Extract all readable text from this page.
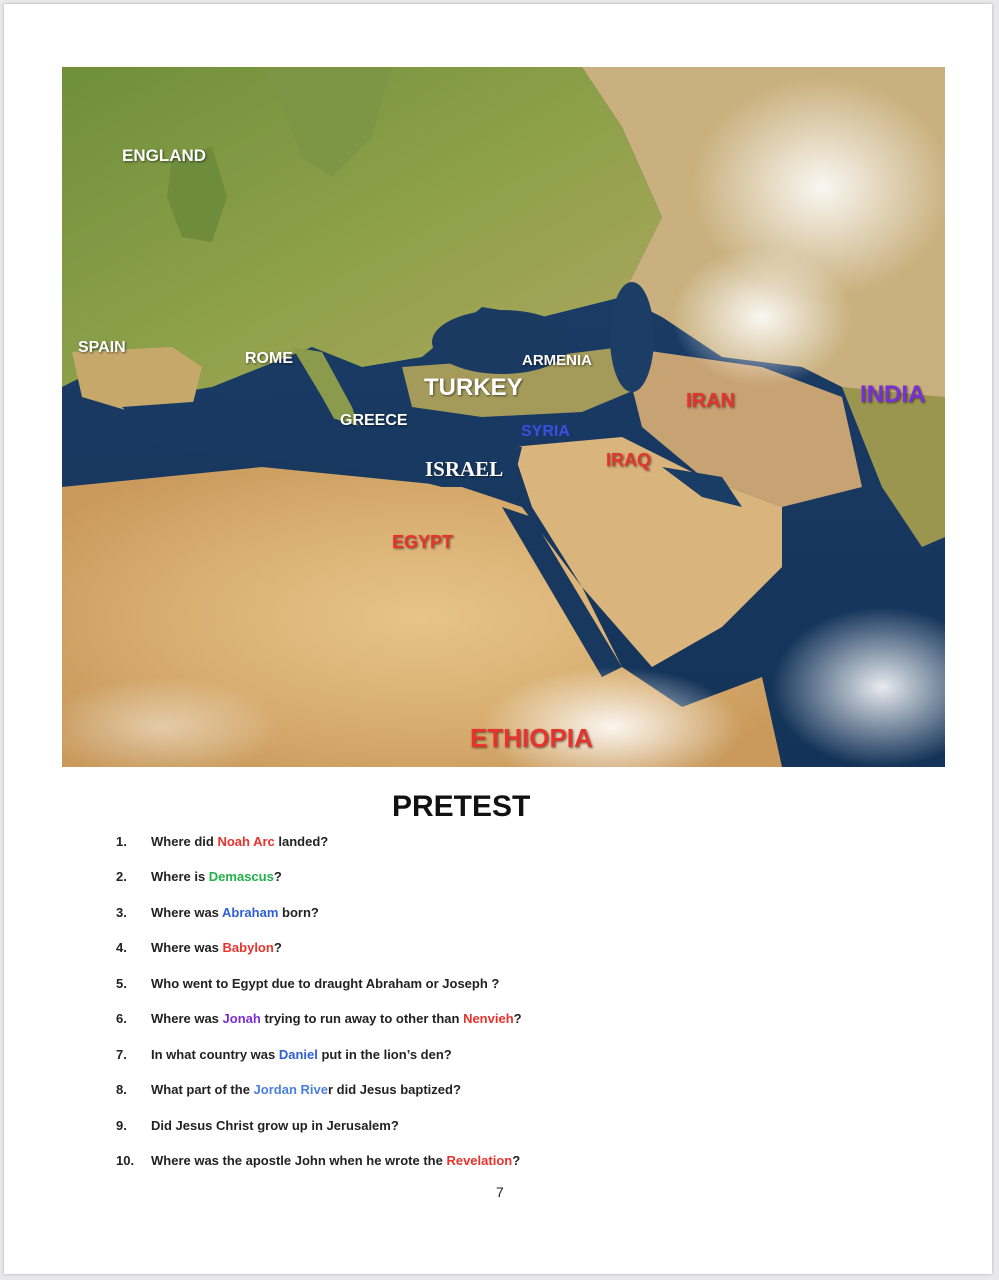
ENGLAND
SPAIN
ROME	ARMENIA
TURKEY
GREECE
IRAN	INDIA
SYRIA
IRAQ
ISRAEL
EGYPT
ETHIOPIA
PRETEST
1.	Where did Noah Arc landed?
2.	Where is Demascus?
3.	Where was Abraham born?
4.	Where was Babylon?
5.	Who went to Egypt due to draught Abraham or Joseph ?
6.	Where was Jonah trying to run away to other than Nenvieh?
7.	In what country was Daniel put in the lion’s den?
8.	What part of the Jordan River did Jesus baptized?
9.	Did Jesus Christ grow up in Jerusalem?
10.	Where was the apostle John when he wrote the Revelation?
7
